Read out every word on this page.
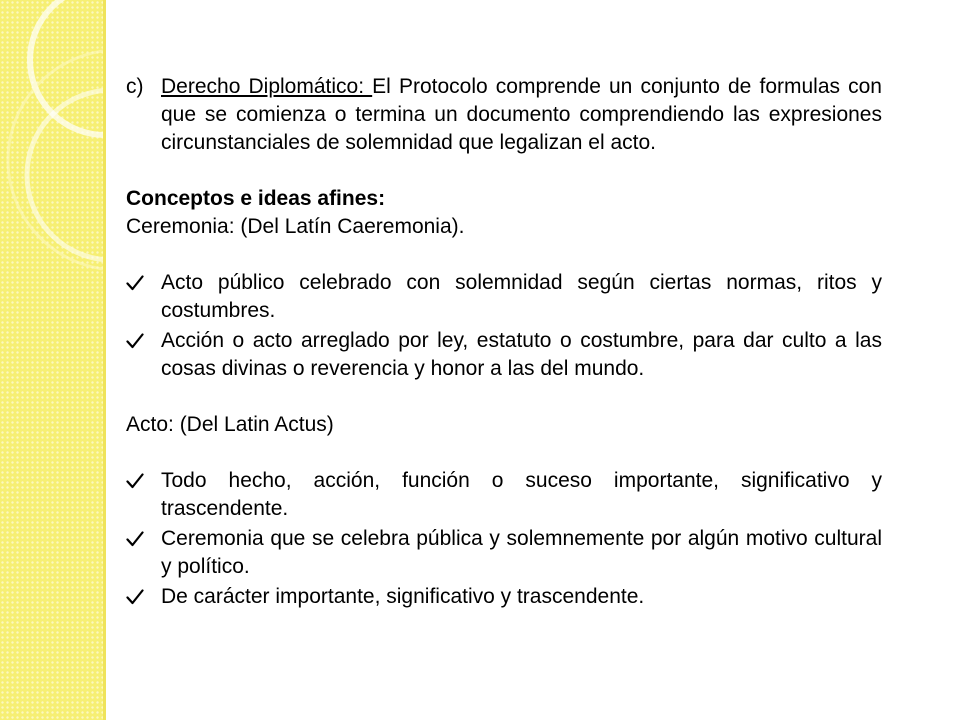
c) Derecho Diplomático: El Protocolo comprende un conjunto de formulas con que se comienza o termina un documento comprendiendo las expresiones circunstanciales de solemnidad que legalizan el acto.
Conceptos e ideas afines:
Ceremonia: (Del Latín Caeremonia).
Acto público celebrado con solemnidad según ciertas normas, ritos y costumbres.
Acción o acto arreglado por ley, estatuto o costumbre, para dar culto a las cosas divinas o reverencia y honor a las del mundo.
Acto: (Del Latin Actus)
Todo hecho, acción, función o suceso importante, significativo y trascendente.
Ceremonia que se celebra pública y solemnemente por algún motivo cultural y político.
De carácter importante, significativo y trascendente.
